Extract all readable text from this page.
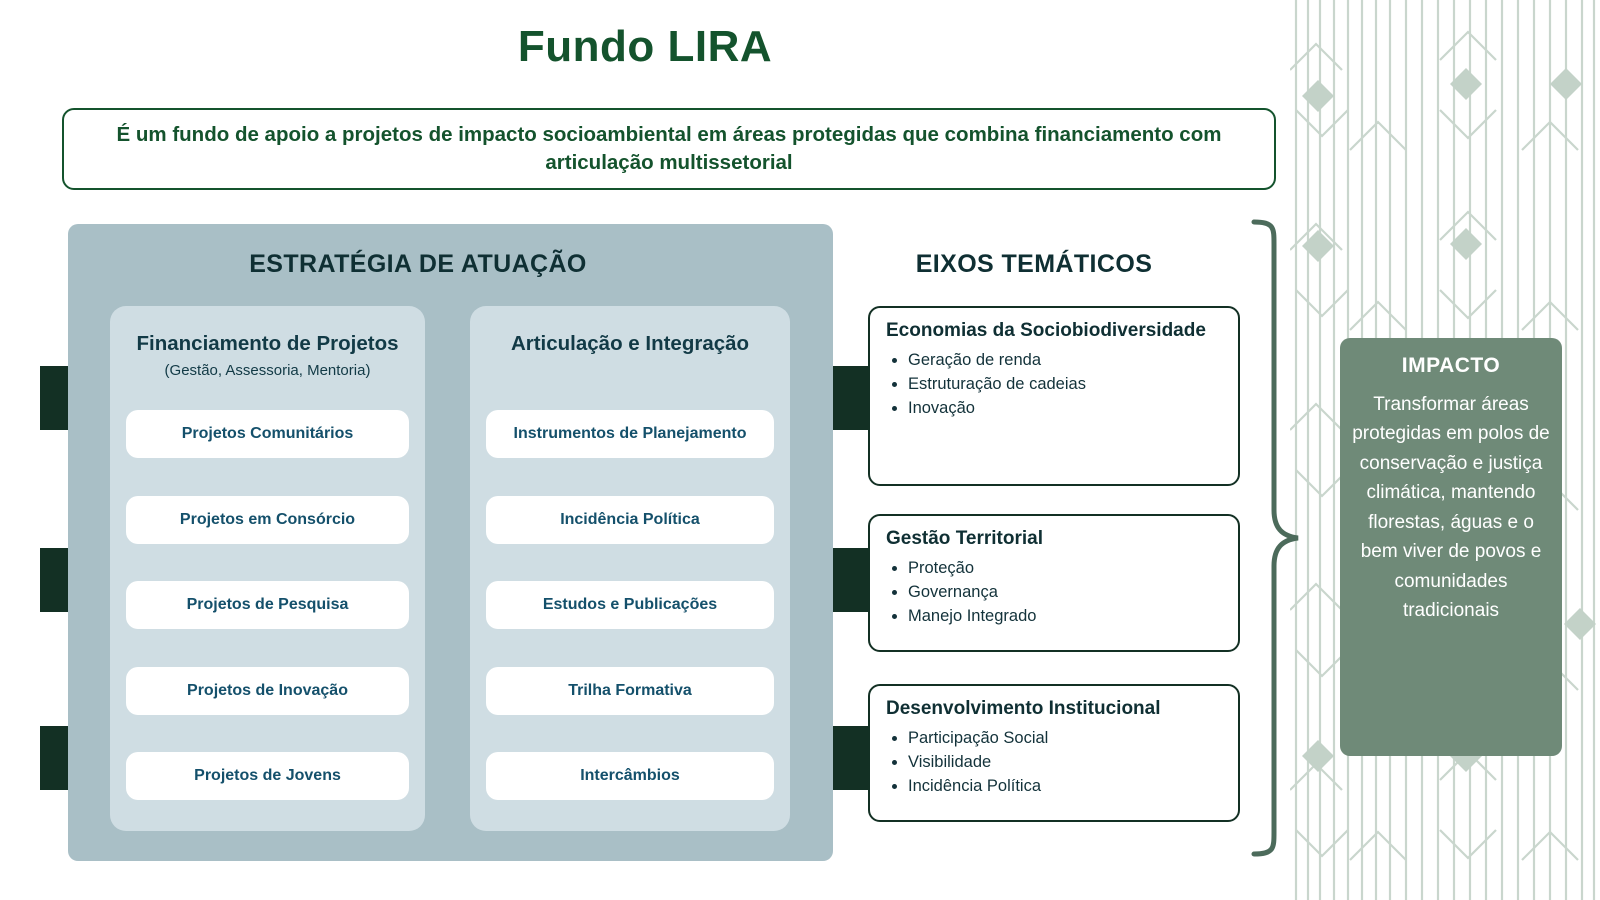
Fundo LIRA
É um fundo de apoio a projetos de impacto socioambiental em áreas protegidas que combina financiamento com articulação multissetorial
ESTRATÉGIA DE ATUAÇÃO
Financiamento de Projetos
(Gestão, Assessoria, Mentoria)
Projetos Comunitários
Projetos em Consórcio
Projetos de Pesquisa
Projetos de Inovação
Projetos de Jovens
Articulação e Integração
Instrumentos de Planejamento
Incidência Política
Estudos e Publicações
Trilha Formativa
Intercâmbios
EIXOS TEMÁTICOS
Economias da Sociobiodiversidade
• Geração de renda
• Estruturação de cadeias
• Inovação
Gestão Territorial
• Proteção
• Governança
• Manejo Integrado
Desenvolvimento Institucional
• Participação Social
• Visibilidade
• Incidência Política
IMPACTO
Transformar áreas protegidas em polos de conservação e justiça climática, mantendo florestas, águas e o bem viver de povos e comunidades tradicionais
